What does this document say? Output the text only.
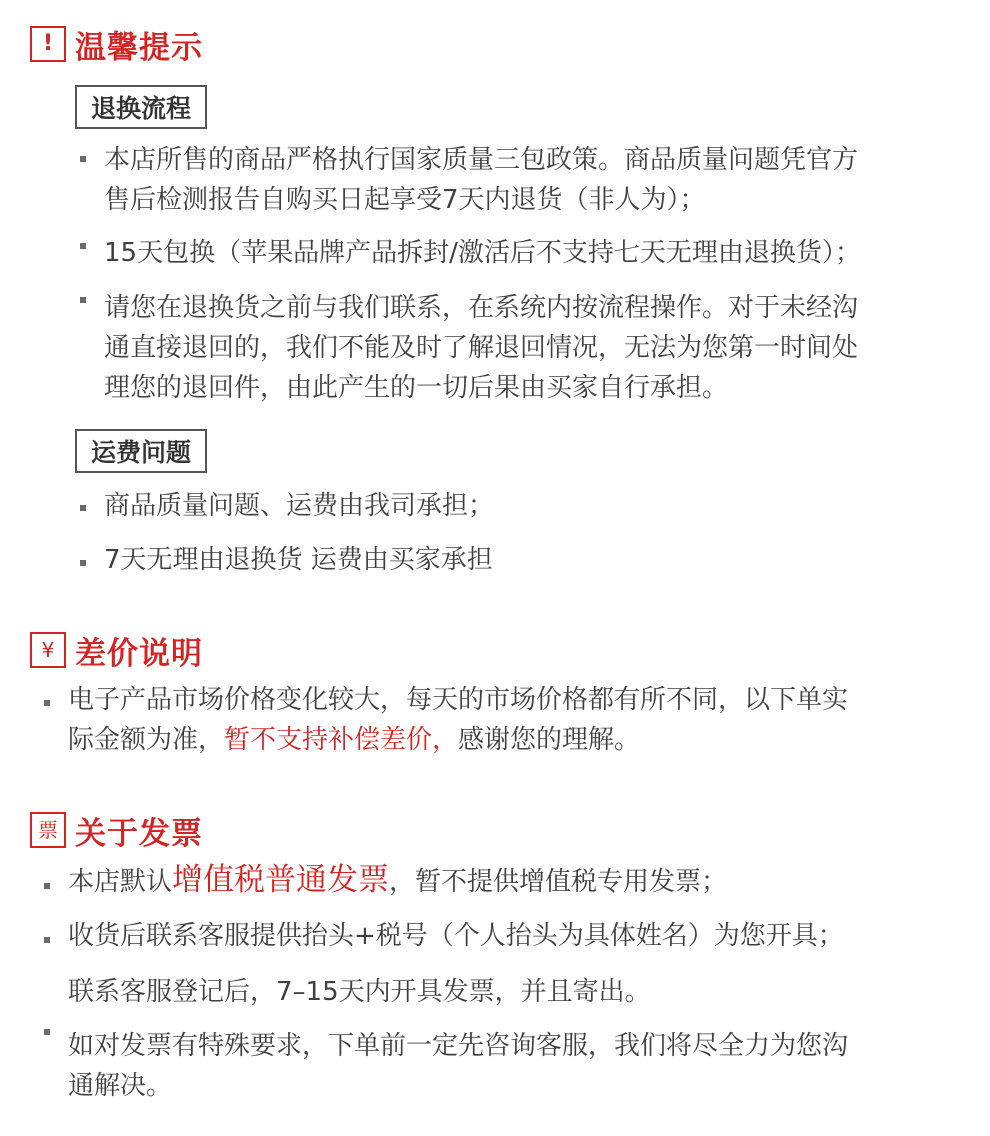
! 温馨提示
退换流程
本店所售的商品严格执行国家质量三包政策。商品质量问题凭官方
售后检测报告自购买日起享受7天内退货（非人为）；
15天包换（苹果品牌产品拆封/激活后不支持七天无理由退换货）；
请您在退换货之前与我们联系，在系统内按流程操作。对于未经沟
通直接退回的，我们不能及时了解退回情况，无法为您第一时间处
理您的退回件，由此产生的一切后果由买家自行承担。
运费问题
商品质量问题、运费由我司承担；
7天无理由退换货 运费由买家承担
¥ 差价说明
电子产品市场价格变化较大，每天的市场价格都有所不同，以下单实
际金额为准，暂不支持补偿差价，感谢您的理解。
票 关于发票
本店默认增值税普通发票，暂不提供增值税专用发票；
收货后联系客服提供抬头+税号（个人抬头为具体姓名）为您开具；
联系客服登记后，7–15天内开具发票，并且寄出。
如对发票有特殊要求，下单前一定先咨询客服，我们将尽全力为您沟
通解决。
